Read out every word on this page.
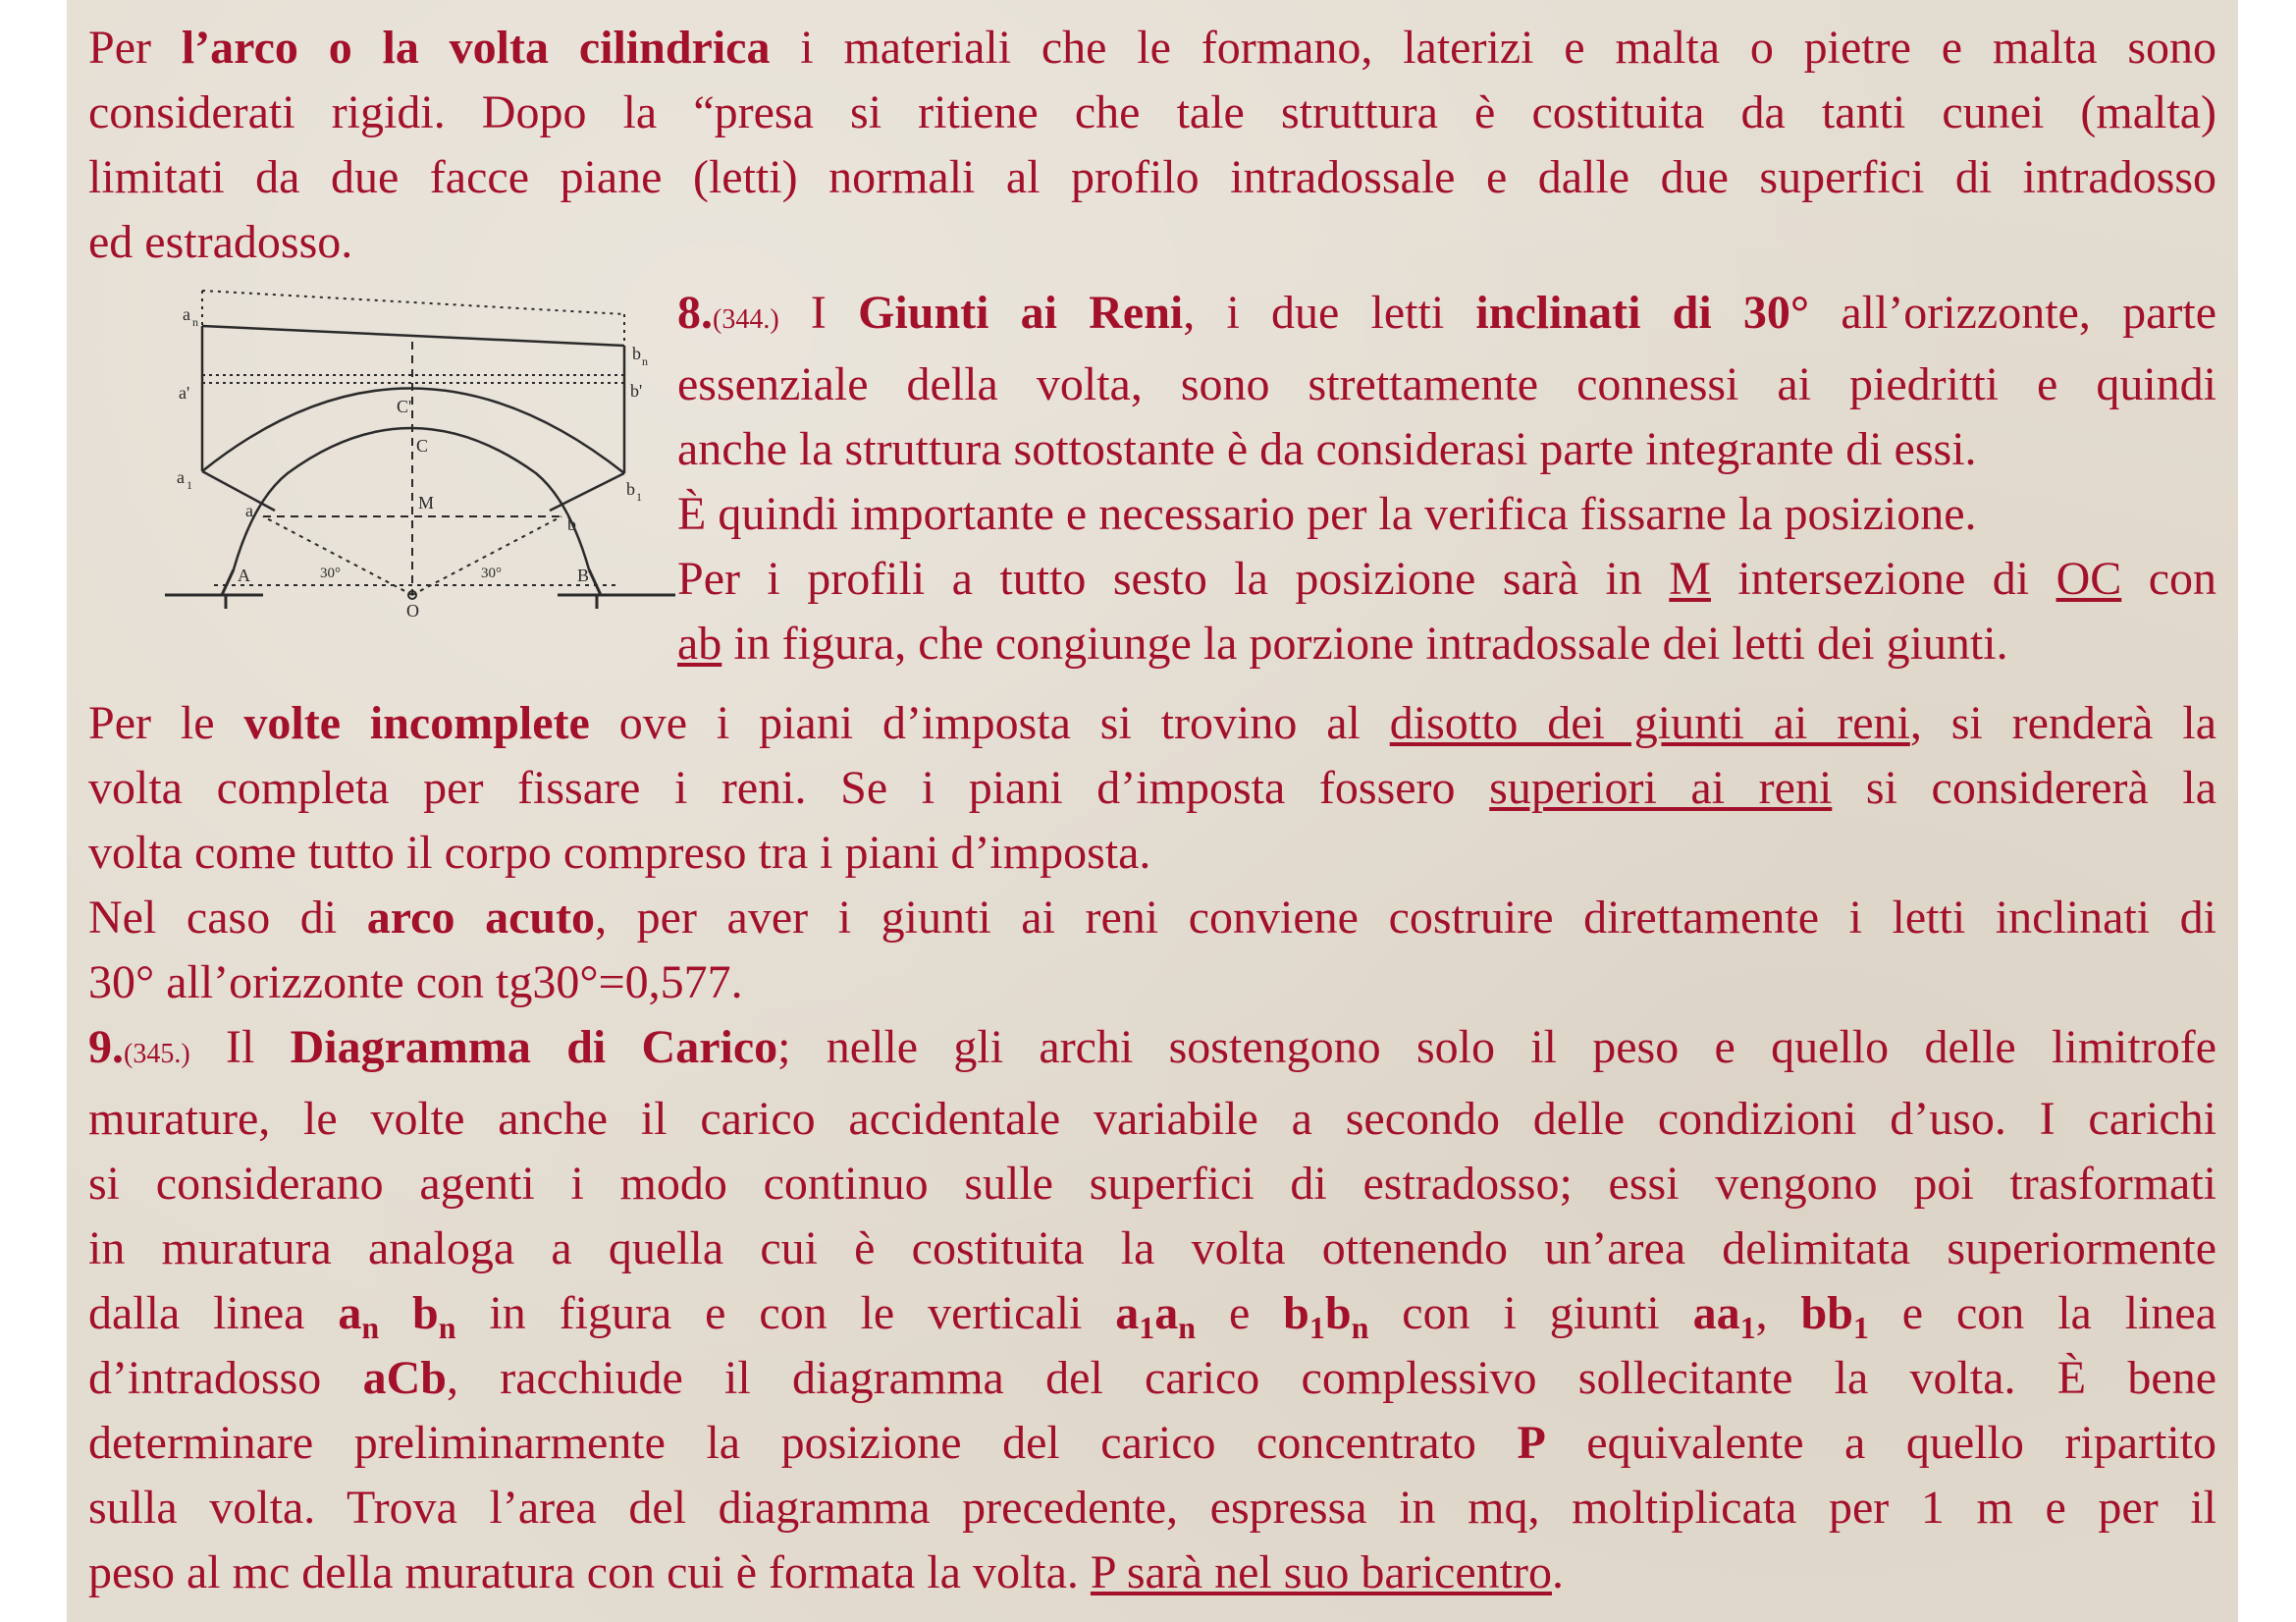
Per l’arco o la volta cilindrica i materiali che le formano, laterizi e malta o pietre e malta sono
considerati rigidi. Dopo la “presa si ritiene che tale struttura è costituita da tanti cunei (malta)
limitati da due facce piane (letti) normali al profilo intradossale e dalle due superfici di intradosso
ed estradosso.

a n
b n
a'	b'
C'
C
a 1	b 1
M
a
b
A	B
O
30°	30°

8.(344.) I Giunti ai Reni, i due letti inclinati di 30° all’orizzonte, parte
essenziale della volta, sono strettamente connessi ai piedritti e quindi
anche la struttura sottostante è da considerasi parte integrante di essi.
È quindi importante e necessario per la verifica fissarne la posizione.
Per i profili a tutto sesto la posizione sarà in M intersezione di OC con
ab in figura, che congiunge la porzione intradossale dei letti dei giunti.

Per le volte incomplete ove i piani d’imposta si trovino al disotto dei giunti ai reni, si renderà la
volta completa per fissare i reni. Se i piani d’imposta fossero superiori ai reni si considererà la
volta come tutto il corpo compreso tra i piani d’imposta.

Nel caso di arco acuto, per aver i giunti ai reni conviene costruire direttamente i letti inclinati di
30° all’orizzonte con tg30°=0,577.

9.(345.) Il Diagramma di Carico; nelle gli archi sostengono solo il peso e quello delle limitrofe
murature, le volte anche il carico accidentale variabile a secondo delle condizioni d’uso. I carichi
si considerano agenti i modo continuo sulle superfici di estradosso; essi vengono poi trasformati
in muratura analoga a quella cui è costituita la volta ottenendo un’area delimitata superiormente
dalla linea $a_n$ $b_n$ in figura e con le verticali $a_1a_n$ e $b_1b_n$ con i giunti $aa_1$, $bb_1$ e con la linea
d’intradosso aCb, racchiude il diagramma del carico complessivo sollecitante la volta. È bene
determinare preliminarmente la posizione del carico concentrato P equivalente a quello ripartito
sulla volta. Trova l’area del diagramma precedente, espressa in mq, moltiplicata per 1 m e per il
peso al mc della muratura con cui è formata la volta. P sarà nel suo baricentro.
